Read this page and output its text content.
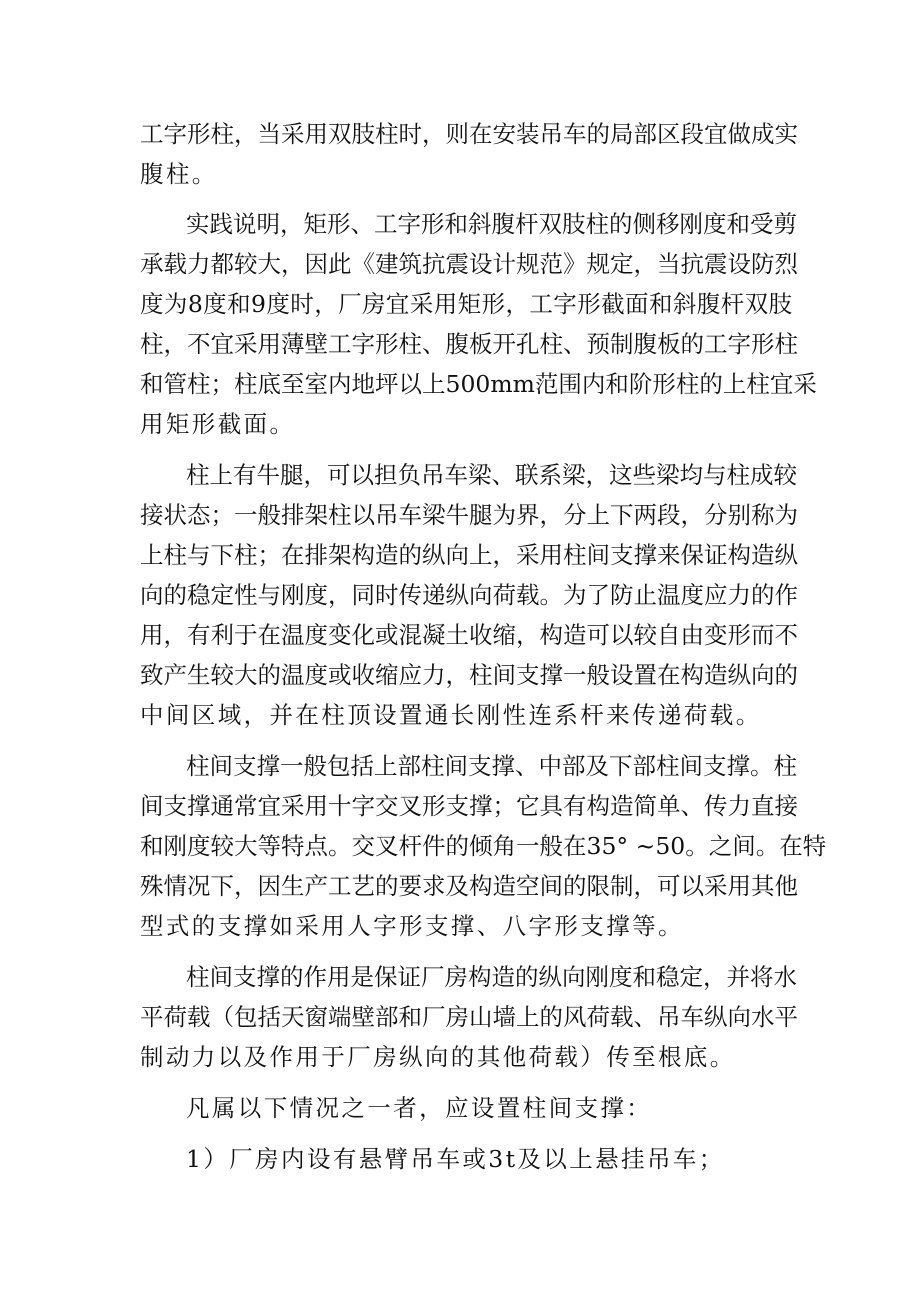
工字形柱，当采用双肢柱时，则在安装吊车的局部区段宜做成实
腹柱。
实践说明，矩形、工字形和斜腹杆双肢柱的侧移刚度和受剪
承载力都较大，因此《建筑抗震设计规范》规定，当抗震设防烈
度为8度和9度时，厂房宜采用矩形，工字形截面和斜腹杆双肢
柱，不宜采用薄壁工字形柱、腹板开孔柱、预制腹板的工字形柱
和管柱；柱底至室内地坪以上500mm范围内和阶形柱的上柱宜采
用矩形截面。
柱上有牛腿，可以担负吊车梁、联系梁，这些梁均与柱成较
接状态；一般排架柱以吊车梁牛腿为界，分上下两段，分别称为
上柱与下柱；在排架构造的纵向上，采用柱间支撑来保证构造纵
向的稳定性与刚度，同时传递纵向荷载。为了防止温度应力的作
用，有利于在温度变化或混凝土收缩，构造可以较自由变形而不
致产生较大的温度或收缩应力，柱间支撑一般设置在构造纵向的
中间区域，并在柱顶设置通长刚性连系杆来传递荷载。
柱间支撑一般包括上部柱间支撑、中部及下部柱间支撑。柱
间支撑通常宜采用十字交叉形支撑；它具有构造简单、传力直接
和刚度较大等特点。交叉杆件的倾角一般在35° ~50。之间。在特
殊情况下，因生产工艺的要求及构造空间的限制，可以采用其他
型式的支撑如采用人字形支撑、八字形支撑等。
柱间支撑的作用是保证厂房构造的纵向刚度和稳定，并将水
平荷载（包括天窗端壁部和厂房山墙上的风荷载、吊车纵向水平
制动力以及作用于厂房纵向的其他荷载）传至根底。
凡属以下情况之一者，应设置柱间支撑：
1）厂房内设有悬臂吊车或3t及以上悬挂吊车；
